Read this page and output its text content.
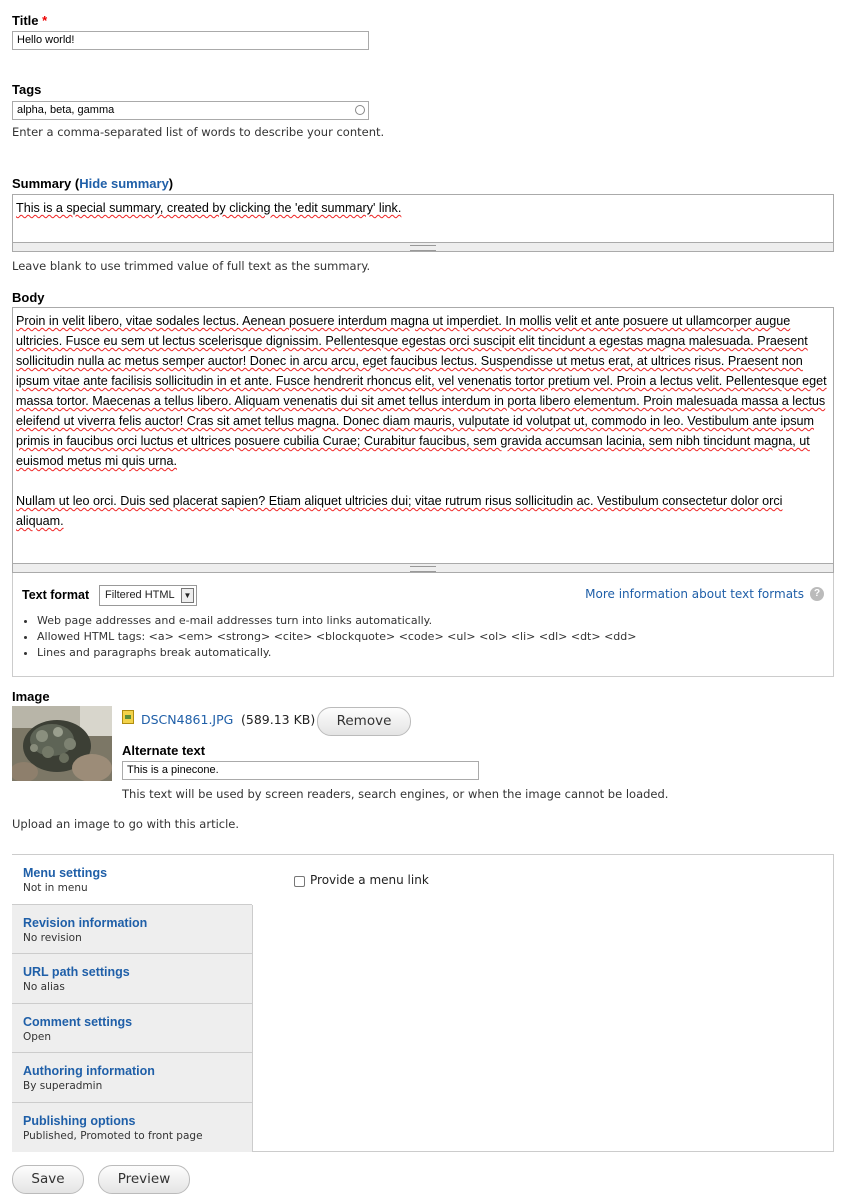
Title *
Hello world!
Tags
alpha, beta, gamma
Enter a comma-separated list of words to describe your content.
Summary (Hide summary)
This is a special summary, created by clicking the 'edit summary' link.
Leave blank to use trimmed value of full text as the summary.
Body
Proin in velit libero, vitae sodales lectus. Aenean posuere interdum magna ut imperdiet. In mollis velit et ante posuere ut ullamcorper augue ultricies. Fusce eu sem ut lectus scelerisque dignissim. Pellentesque egestas orci suscipit elit tincidunt a egestas magna malesuada. Praesent sollicitudin nulla ac metus semper auctor! Donec in arcu arcu, eget faucibus lectus. Suspendisse ut metus erat, at ultrices risus. Praesent non ipsum vitae ante facilisis sollicitudin in et ante. Fusce hendrerit rhoncus elit, vel venenatis tortor pretium vel. Proin a lectus velit. Pellentesque eget massa tortor. Maecenas a tellus libero. Aliquam venenatis dui sit amet tellus interdum in porta libero elementum. Proin malesuada massa a lectus eleifend ut viverra felis auctor! Cras sit amet tellus magna. Donec diam mauris, vulputate id volutpat ut, commodo in leo. Vestibulum ante ipsum primis in faucibus orci luctus et ultrices posuere cubilia Curae; Curabitur faucibus, sem gravida accumsan lacinia, sem nibh tincidunt magna, ut euismod metus mi quis urna.
Nullam ut leo orci. Duis sed placerat sapien? Etiam aliquet ultricies dui; vitae rutrum risus sollicitudin ac. Vestibulum consectetur dolor orci aliquam.
Text format	Filtered HTML	▼	More information about text formats ?
• Web page addresses and e-mail addresses turn into links automatically.
• Allowed HTML tags: <a> <em> <strong> <cite> <blockquote> <code> <ul> <ol> <li> <dl> <dt> <dd>
• Lines and paragraphs break automatically.
Image
DSCN4861.JPG (589.13 KB)	Remove
Alternate text
This is a pinecone.
This text will be used by screen readers, search engines, or when the image cannot be loaded.
Upload an image to go with this article.
Menu settings
Not in menu
Revision information
No revision
URL path settings
No alias
Comment settings
Open
Authoring information
By superadmin
Publishing options
Published, Promoted to front page
Provide a menu link
Save	Preview
